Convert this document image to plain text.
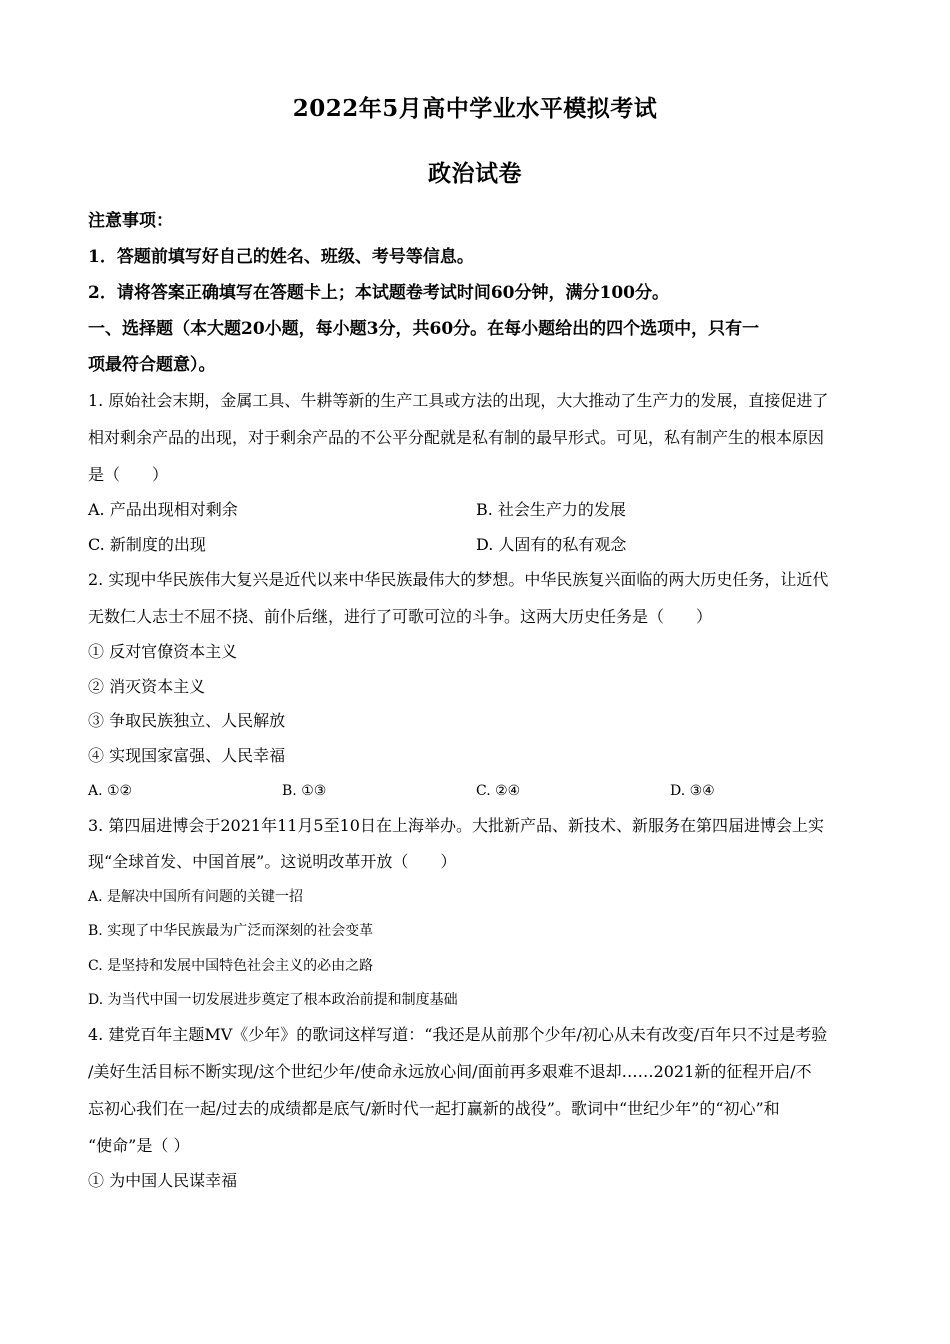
2022年5月高中学业水平模拟考试
政治试卷
注意事项：
1．答题前填写好自己的姓名、班级、考号等信息。
2．请将答案正确填写在答题卡上；本试题卷考试时间60分钟，满分100分。
一、选择题（本大题20小题，每小题3分，共60分。在每小题给出的四个选项中，只有一
项最符合题意）。
1. 原始社会末期，金属工具、牛耕等新的生产工具或方法的出现，大大推动了生产力的发展，直接促进了
相对剩余产品的出现，对于剩余产品的不公平分配就是私有制的最早形式。可见，私有制产生的根本原因
是（　　）
A. 产品出现相对剩余	B. 社会生产力的发展
C. 新制度的出现	D. 人固有的私有观念
2. 实现中华民族伟大复兴是近代以来中华民族最伟大的梦想。中华民族复兴面临的两大历史任务，让近代
无数仁人志士不屈不挠、前仆后继，进行了可歌可泣的斗争。这两大历史任务是（　　）
① 反对官僚资本主义
② 消灭资本主义
③ 争取民族独立、人民解放
④ 实现国家富强、人民幸福
A. ①②	B. ①③	C. ②④	D. ③④
3. 第四届进博会于2021年11月5至10日在上海举办。大批新产品、新技术、新服务在第四届进博会上实
现“全球首发、中国首展”。这说明改革开放（　　）
A. 是解决中国所有问题的关键一招
B. 实现了中华民族最为广泛而深刻的社会变革
C. 是坚持和发展中国特色社会主义的必由之路
D. 为当代中国一切发展进步奠定了根本政治前提和制度基础
4. 建党百年主题MV《少年》的歌词这样写道：“我还是从前那个少年/初心从未有改变/百年只不过是考验
/美好生活目标不断实现/这个世纪少年/使命永远放心间/面前再多艰难不退却……2021新的征程开启/不
忘初心我们在一起/过去的成绩都是底气/新时代一起打赢新的战役”。歌词中“世纪少年”的“初心”和
“使命”是（ ）
① 为中国人民谋幸福
